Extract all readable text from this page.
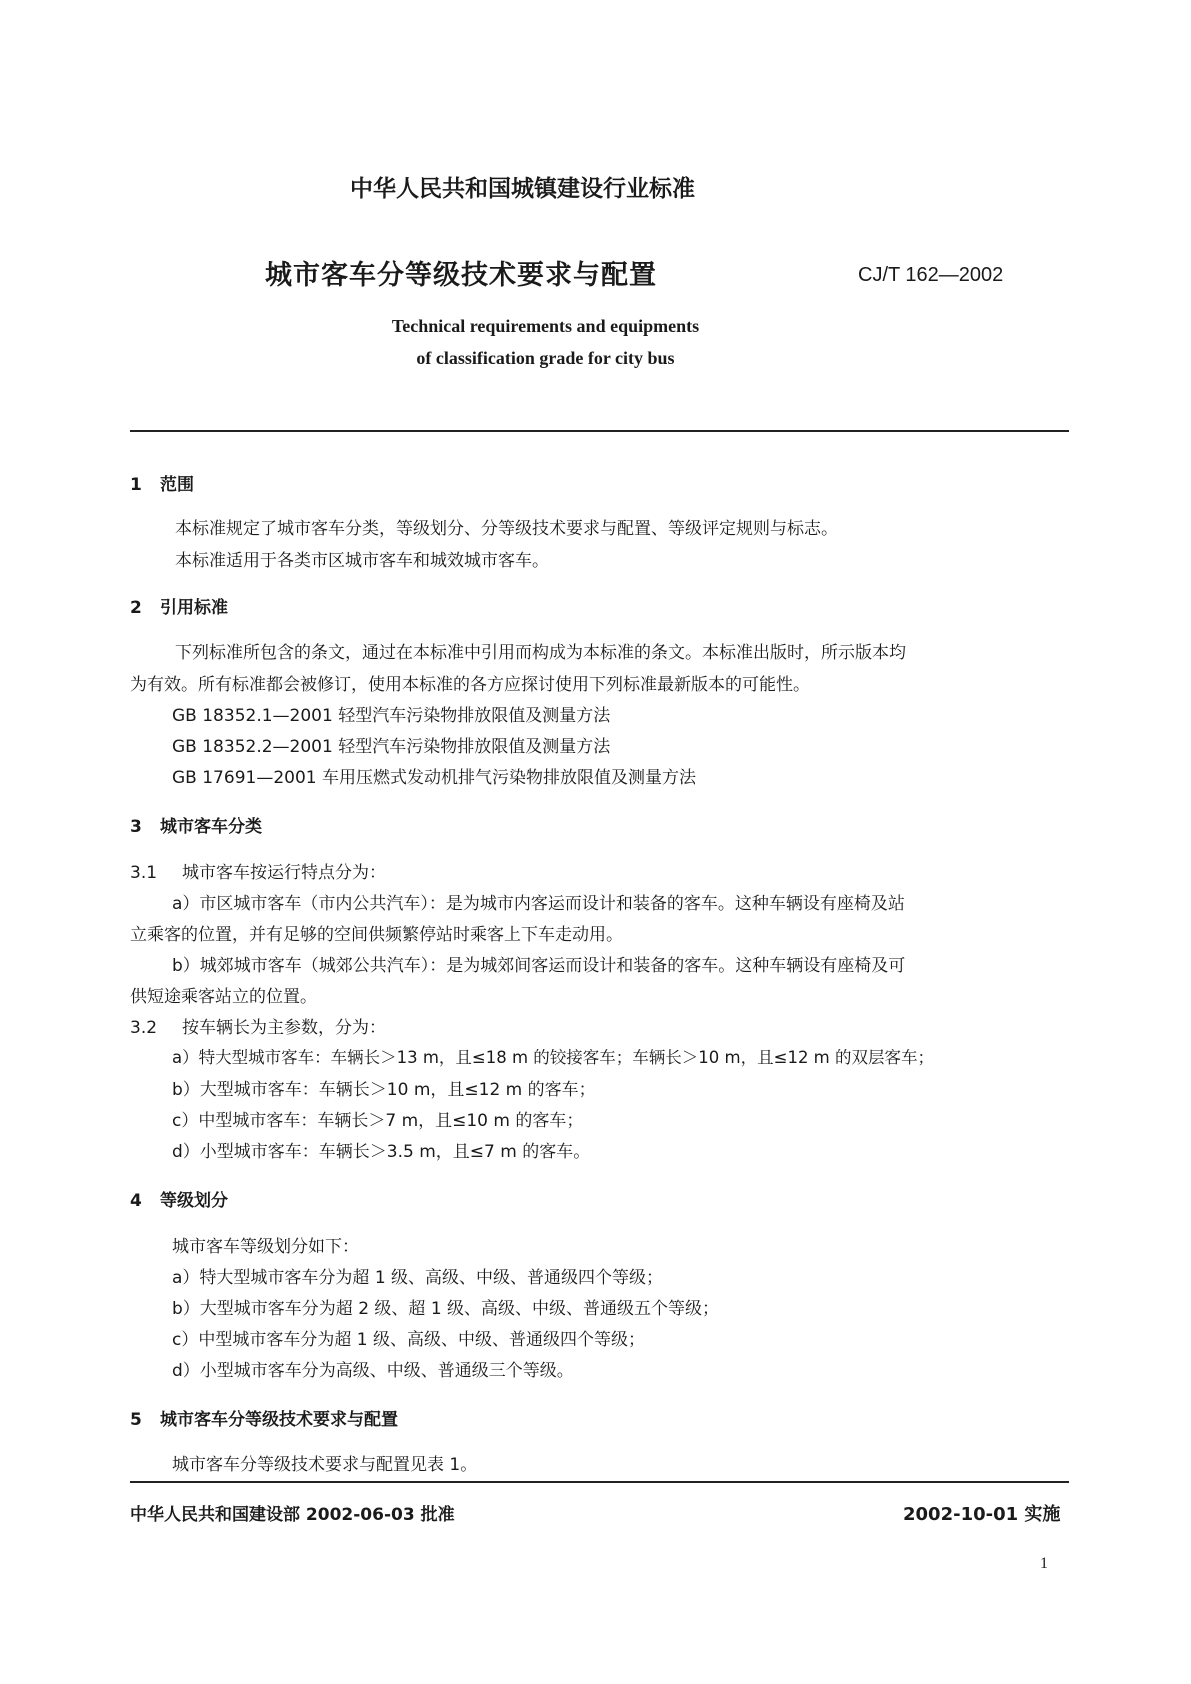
中华人民共和国城镇建设行业标准
城市客车分等级技术要求与配置	CJ/T 162—2002
Technical requirements and equipments
of classification grade for city bus
1 范围
本标准规定了城市客车分类，等级划分、分等级技术要求与配置、等级评定规则与标志。
本标准适用于各类市区城市客车和城效城市客车。
2 引用标准
下列标准所包含的条文，通过在本标准中引用而构成为本标准的条文。本标准出版时，所示版本均
为有效。所有标准都会被修订，使用本标准的各方应探讨使用下列标准最新版本的可能性。
GB 18352.1—2001 轻型汽车污染物排放限值及测量方法
GB 18352.2—2001 轻型汽车污染物排放限值及测量方法
GB 17691—2001 车用压燃式发动机排气污染物排放限值及测量方法
3 城市客车分类
3.1 城市客车按运行特点分为：
a）市区城市客车（市内公共汽车）：是为城市内客运而设计和装备的客车。这种车辆设有座椅及站
立乘客的位置，并有足够的空间供频繁停站时乘客上下车走动用。
b）城郊城市客车（城郊公共汽车）：是为城郊间客运而设计和装备的客车。这种车辆设有座椅及可
供短途乘客站立的位置。
3.2 按车辆长为主参数，分为：
a）特大型城市客车：车辆长＞13 m，且≤18 m 的铰接客车；车辆长＞10 m，且≤12 m 的双层客车；
b）大型城市客车：车辆长＞10 m，且≤12 m 的客车；
c）中型城市客车：车辆长＞7 m，且≤10 m 的客车；
d）小型城市客车：车辆长＞3.5 m，且≤7 m 的客车。
4 等级划分
城市客车等级划分如下：
a）特大型城市客车分为超 1 级、高级、中级、普通级四个等级；
b）大型城市客车分为超 2 级、超 1 级、高级、中级、普通级五个等级；
c）中型城市客车分为超 1 级、高级、中级、普通级四个等级；
d）小型城市客车分为高级、中级、普通级三个等级。
5 城市客车分等级技术要求与配置
城市客车分等级技术要求与配置见表 1。
中华人民共和国建设部 2002-06-03 批准	2002-10-01 实施
1
